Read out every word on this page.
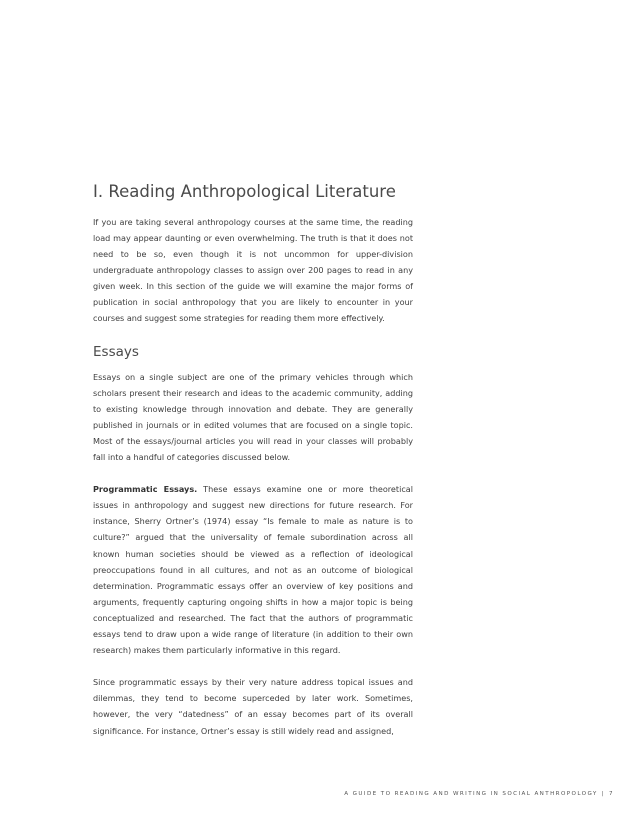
I. Reading Anthropological Literature

If you are taking several anthropology courses at the same time, the reading load may appear daunting or even overwhelming. The truth is that it does not need to be so, even though it is not uncommon for upper-division undergraduate anthropology classes to assign over 200 pages to read in any given week. In this section of the guide we will examine the major forms of publication in social anthropology that you are likely to encounter in your courses and suggest some strategies for reading them more effectively.

Essays

Essays on a single subject are one of the primary vehicles through which scholars present their research and ideas to the academic community, adding to existing knowledge through innovation and debate. They are generally published in journals or in edited volumes that are focused on a single topic. Most of the essays/journal articles you will read in your classes will probably fall into a handful of categories discussed below.

Programmatic Essays. These essays examine one or more theoretical issues in anthropology and suggest new directions for future research. For instance, Sherry Ortner’s (1974) essay “Is female to male as nature is to culture?” argued that the universality of female subordination across all known human societies should be viewed as a reflection of ideological preoccupations found in all cultures, and not as an outcome of biological determination. Programmatic essays offer an overview of key positions and arguments, frequently capturing ongoing shifts in how a major topic is being conceptualized and researched. The fact that the authors of programmatic essays tend to draw upon a wide range of literature (in addition to their own research) makes them particularly informative in this regard.

Since programmatic essays by their very nature address topical issues and dilemmas, they tend to become superceded by later work. Sometimes, however, the very “datedness” of an essay becomes part of its overall significance. For instance, Ortner’s essay is still widely read and assigned,

A GUIDE TO READING AND WRITING IN SOCIAL ANTHROPOLOGY | 7
